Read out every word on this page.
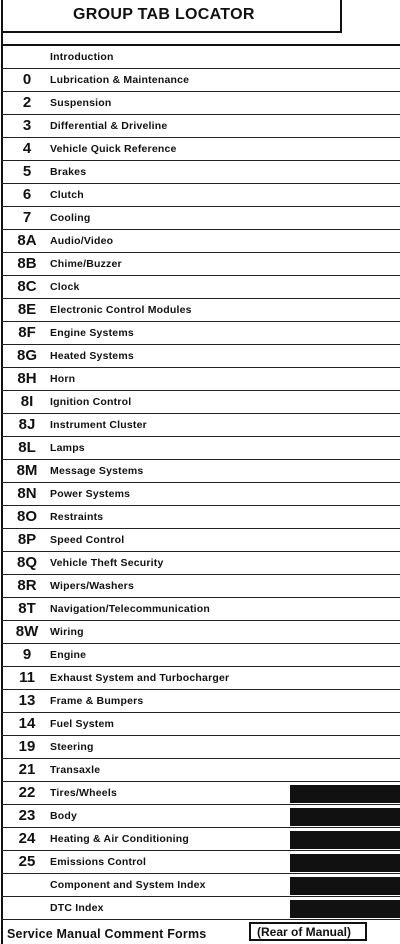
GROUP TAB LOCATOR
Introduction
0	Lubrication & Maintenance
2	Suspension
3	Differential & Driveline
4	Vehicle Quick Reference
5	Brakes
6	Clutch
7	Cooling
8A	Audio/Video
8B	Chime/Buzzer
8C	Clock
8E	Electronic Control Modules
8F	Engine Systems
8G	Heated Systems
8H	Horn
8I	Ignition Control
8J	Instrument Cluster
8L	Lamps
8M	Message Systems
8N	Power Systems
8O	Restraints
8P	Speed Control
8Q	Vehicle Theft Security
8R	Wipers/Washers
8T	Navigation/Telecommunication
8W	Wiring
9	Engine
11	Exhaust System and Turbocharger
13	Frame & Bumpers
14	Fuel System
19	Steering
21	Transaxle
22	Tires/Wheels
23	Body
24	Heating & Air Conditioning
25	Emissions Control
Component and System Index
DTC Index
Service Manual Comment Forms	(Rear of Manual)
